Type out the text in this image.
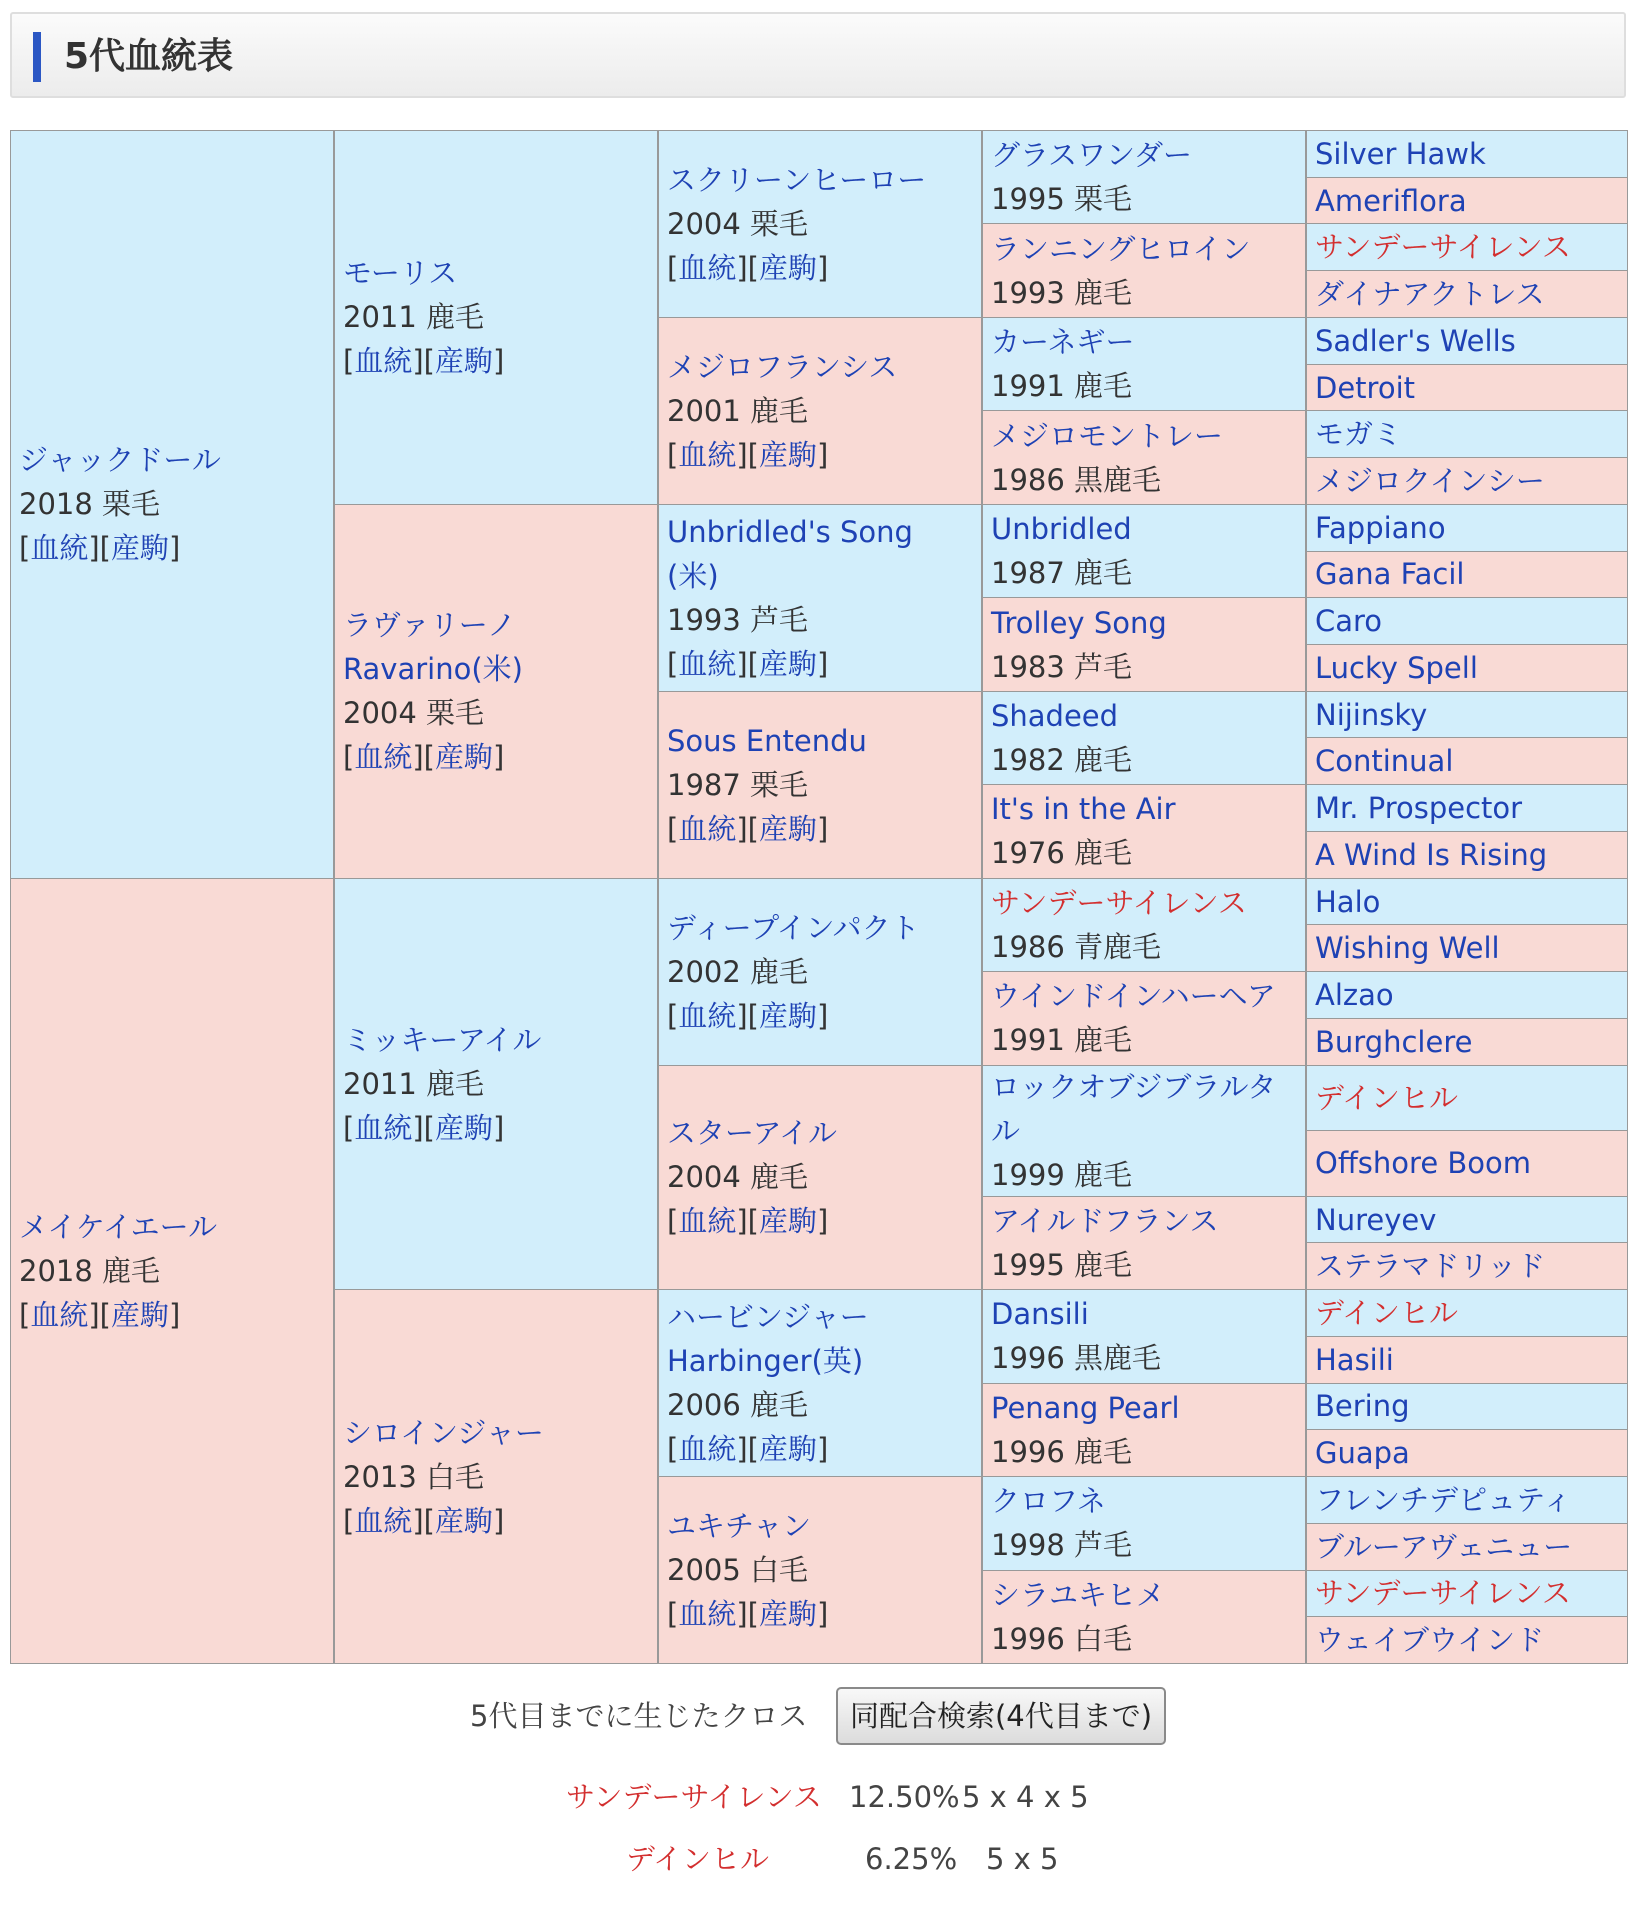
5代血統表
ジャックドール
2018 栗毛
[血統][産駒]
メイケイエール
2018 鹿毛
[血統][産駒]
モーリス
2011 鹿毛
[血統][産駒]
ラヴァリーノ
Ravarino(米)
2004 栗毛
[血統][産駒]
ミッキーアイル
2011 鹿毛
[血統][産駒]
シロインジャー
2013 白毛
[血統][産駒]
スクリーンヒーロー
2004 栗毛
[血統][産駒]
メジロフランシス
2001 鹿毛
[血統][産駒]
Unbridled's Song
(米)
1993 芦毛
[血統][産駒]
Sous Entendu
1987 栗毛
[血統][産駒]
ディープインパクト
2002 鹿毛
[血統][産駒]
スターアイル
2004 鹿毛
[血統][産駒]
ハービンジャー
Harbinger(英)
2006 鹿毛
[血統][産駒]
ユキチャン
2005 白毛
[血統][産駒]
グラスワンダー
1995 栗毛
ランニングヒロイン
1993 鹿毛
カーネギー
1991 鹿毛
メジロモントレー
1986 黒鹿毛
Unbridled
1987 鹿毛
Trolley Song
1983 芦毛
Shadeed
1982 鹿毛
It's in the Air
1976 鹿毛
サンデーサイレンス
1986 青鹿毛
ウインドインハーヘア
1991 鹿毛
ロックオブジブラルタ
ル
1999 鹿毛
アイルドフランス
1995 鹿毛
Dansili
1996 黒鹿毛
Penang Pearl
1996 鹿毛
クロフネ
1998 芦毛
シラユキヒメ
1996 白毛
Silver Hawk
Ameriflora
サンデーサイレンス
ダイナアクトレス
Sadler's Wells
Detroit
モガミ
メジロクインシー
Fappiano
Gana Facil
Caro
Lucky Spell
Nijinsky
Continual
Mr. Prospector
A Wind Is Rising
Halo
Wishing Well
Alzao
Burghclere
デインヒル
Offshore Boom
Nureyev
ステラマドリッド
デインヒル
Hasili
Bering
Guapa
フレンチデピュティ
ブルーアヴェニュー
サンデーサイレンス
ウェイブウインド
5代目までに生じたクロス	同配合検索(4代目まで)
サンデーサイレンス 12.50% 5 x 4 x 5
デインヒル	6.25% 5 x 5
